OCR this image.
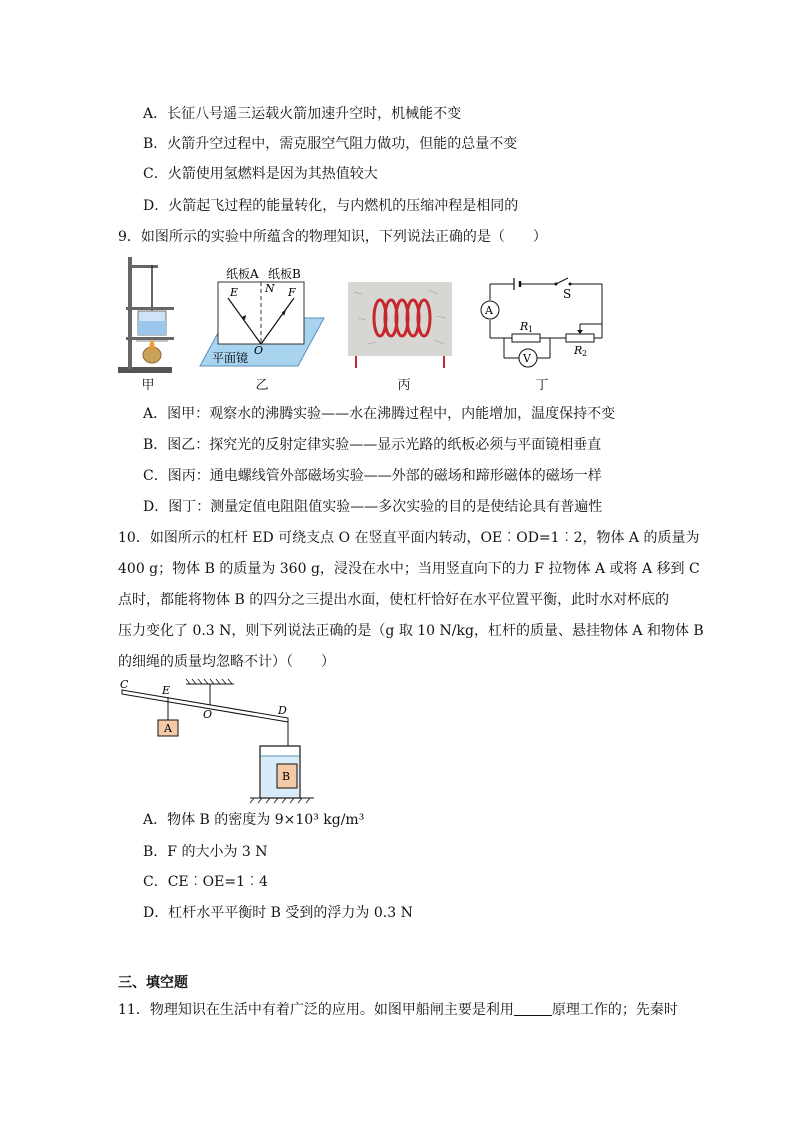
A．长征八号遥三运载火箭加速升空时，机械能不变
B．火箭升空过程中，需克服空气阻力做功，但能的总量不变
C．火箭使用氢燃料是因为其热值较大
D．火箭起飞过程的能量转化，与内燃机的压缩冲程是相同的
9．如图所示的实验中所蕴含的物理知识，下列说法正确的是（　　）
甲
纸板A 纸板B
E N F
O
平面镜
乙	丙
A
V
S
R 1
R 2
丁
A．图甲：观察水的沸腾实验——水在沸腾过程中，内能增加，温度保持不变
B．图乙：探究光的反射定律实验——显示光路的纸板必须与平面镜相垂直
C．图丙：通电螺线管外部磁场实验——外部的磁场和蹄形磁体的磁场一样
D．图丁：测量定值电阻阻值实验——多次实验的目的是使结论具有普遍性
10．如图所示的杠杆 ED 可绕支点 O 在竖直平面内转动，OE︰OD=1︰2，物体 A 的质量为
400 g；物体 B 的质量为 360 g，浸没在水中；当用竖直向下的力 F 拉物体 A 或将 A 移到 C
点时，都能将物体 B 的四分之三提出水面，使杠杆恰好在水平位置平衡，此时水对杯底的
压力变化了 0.3 N，则下列说法正确的是（g 取 10 N/kg，杠杆的质量、悬挂物体 A 和物体 B
的细绳的质量均忽略不计）（　　）
C	E
O	D
A
B
A．物体 B 的密度为 9×10³ kg/m³
B．F 的大小为 3 N
C．CE︰OE=1︰4
D．杠杆水平平衡时 B 受到的浮力为 0.3 N
三、填空题
11．物理知识在生活中有着广泛的应用。如图甲船闸主要是利用	原理工作的；先秦时
